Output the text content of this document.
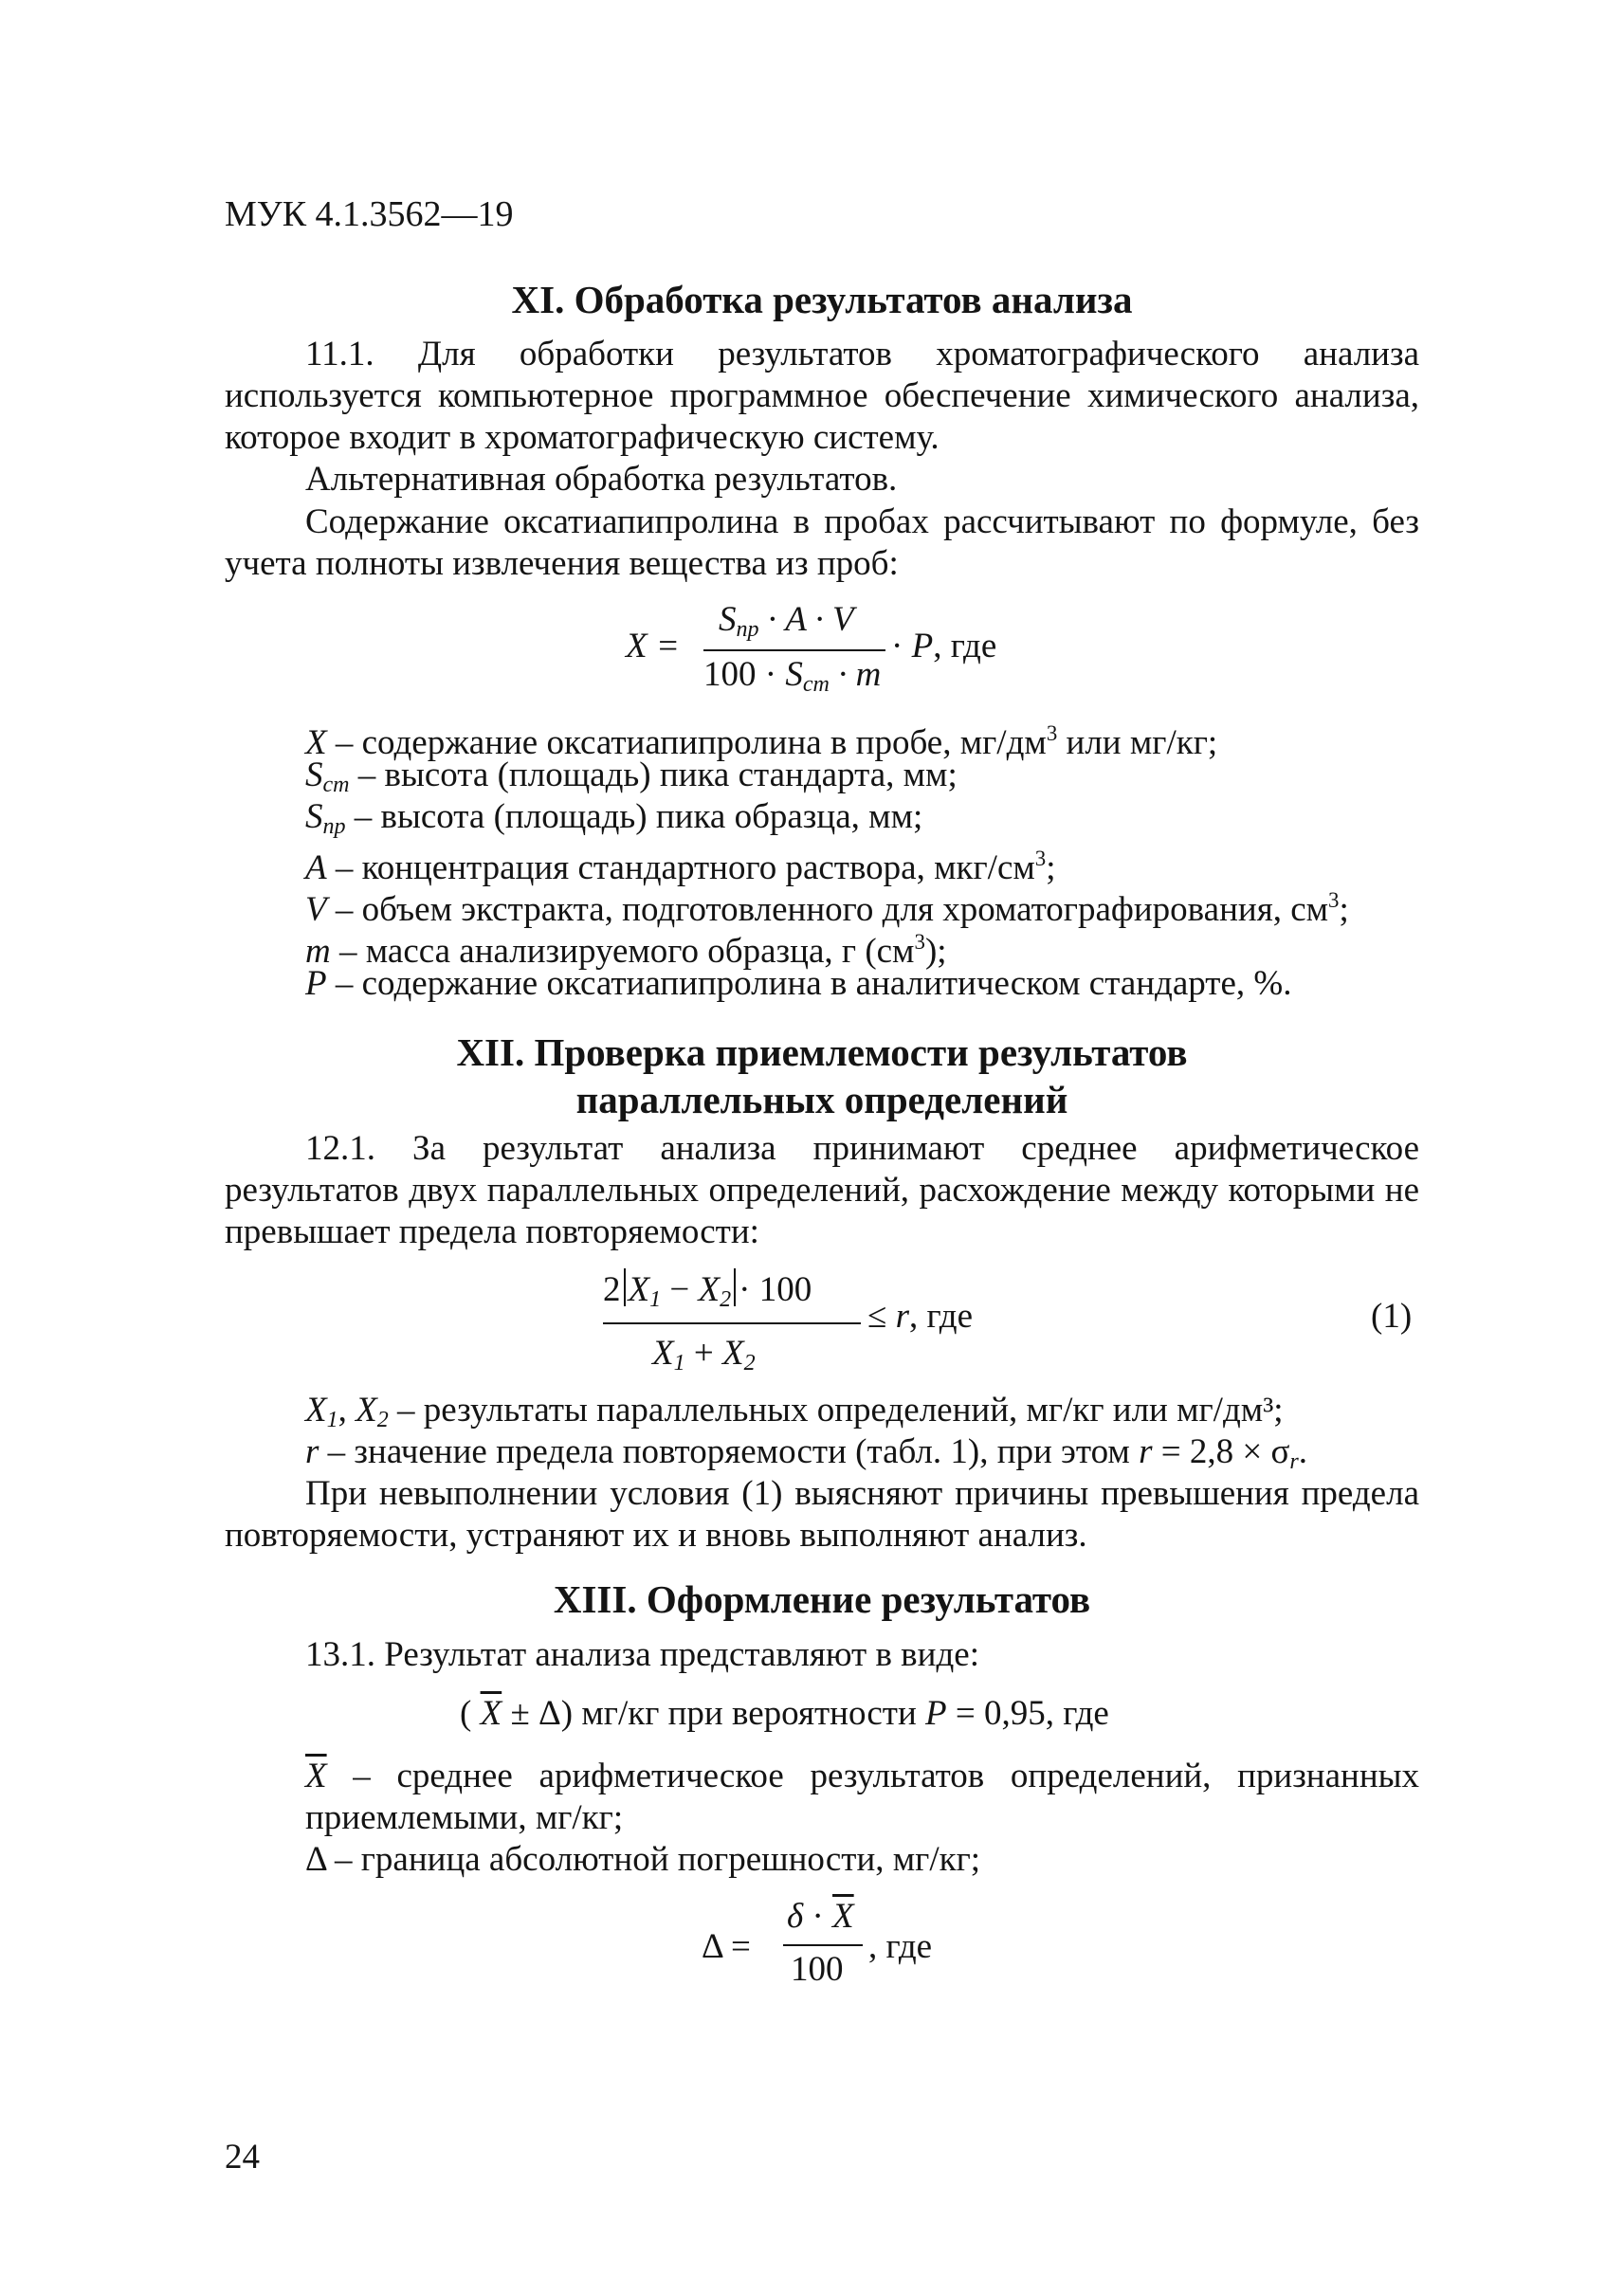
МУК 4.1.3562—19
XI. Обработка результатов анализа
11.1. Для обработки результатов хроматографического анализа используется компьютерное программное обеспечение химического анализа, которое входит в хроматографическую систему.
Альтернативная обработка результатов.
Содержание оксатиапипролина в пробах рассчитывают по формуле, без учета полноты извлечения вещества из проб:
X =
Sпр · A · V
100 · Scm · m
· P, где
X – содержание оксатиапипролина в пробе, $мг/дм^3$ или мг/кг;
Scm – высота (площадь) пика стандарта, мм;
Sпр – высота (площадь) пика образца, мм;
A – концентрация стандартного раствора, мкг/$см^3$;
V – объем экстракта, подготовленного для хроматографирования, $см^3$;
m – масса анализируемого образца, г $(см^3)$;
P – содержание оксатиапипролина в аналитическом стандарте, %.
XII. Проверка приемлемости результатов
параллельных определений
12.1. За результат анализа принимают среднее арифметическое результатов двух параллельных определений, расхождение между которыми не превышает предела повторяемости:
2 X1 − X2 · 100
X1 + X2
≤ r, где	(1)
X1, X2 – результаты параллельных определений, мг/кг или мг/дм³;
r – значение предела повторяемости (табл. 1), при этом r = 2,8 × σr.
При невыполнении условия (1) выясняют причины превышения предела повторяемости, устраняют их и вновь выполняют анализ.
XIII. Оформление результатов
13.1. Результат анализа представляют в виде:
( $\overline{X} \pm \Delta$) мг/кг при вероятности P = 0,95, где
$\overline{X}$ – среднее арифметическое результатов определений, признанных приемлемыми, мг/кг;
Δ – граница абсолютной погрешности, мг/кг;
Δ =
$\delta \cdot \overline{X}$
100
, где
24
